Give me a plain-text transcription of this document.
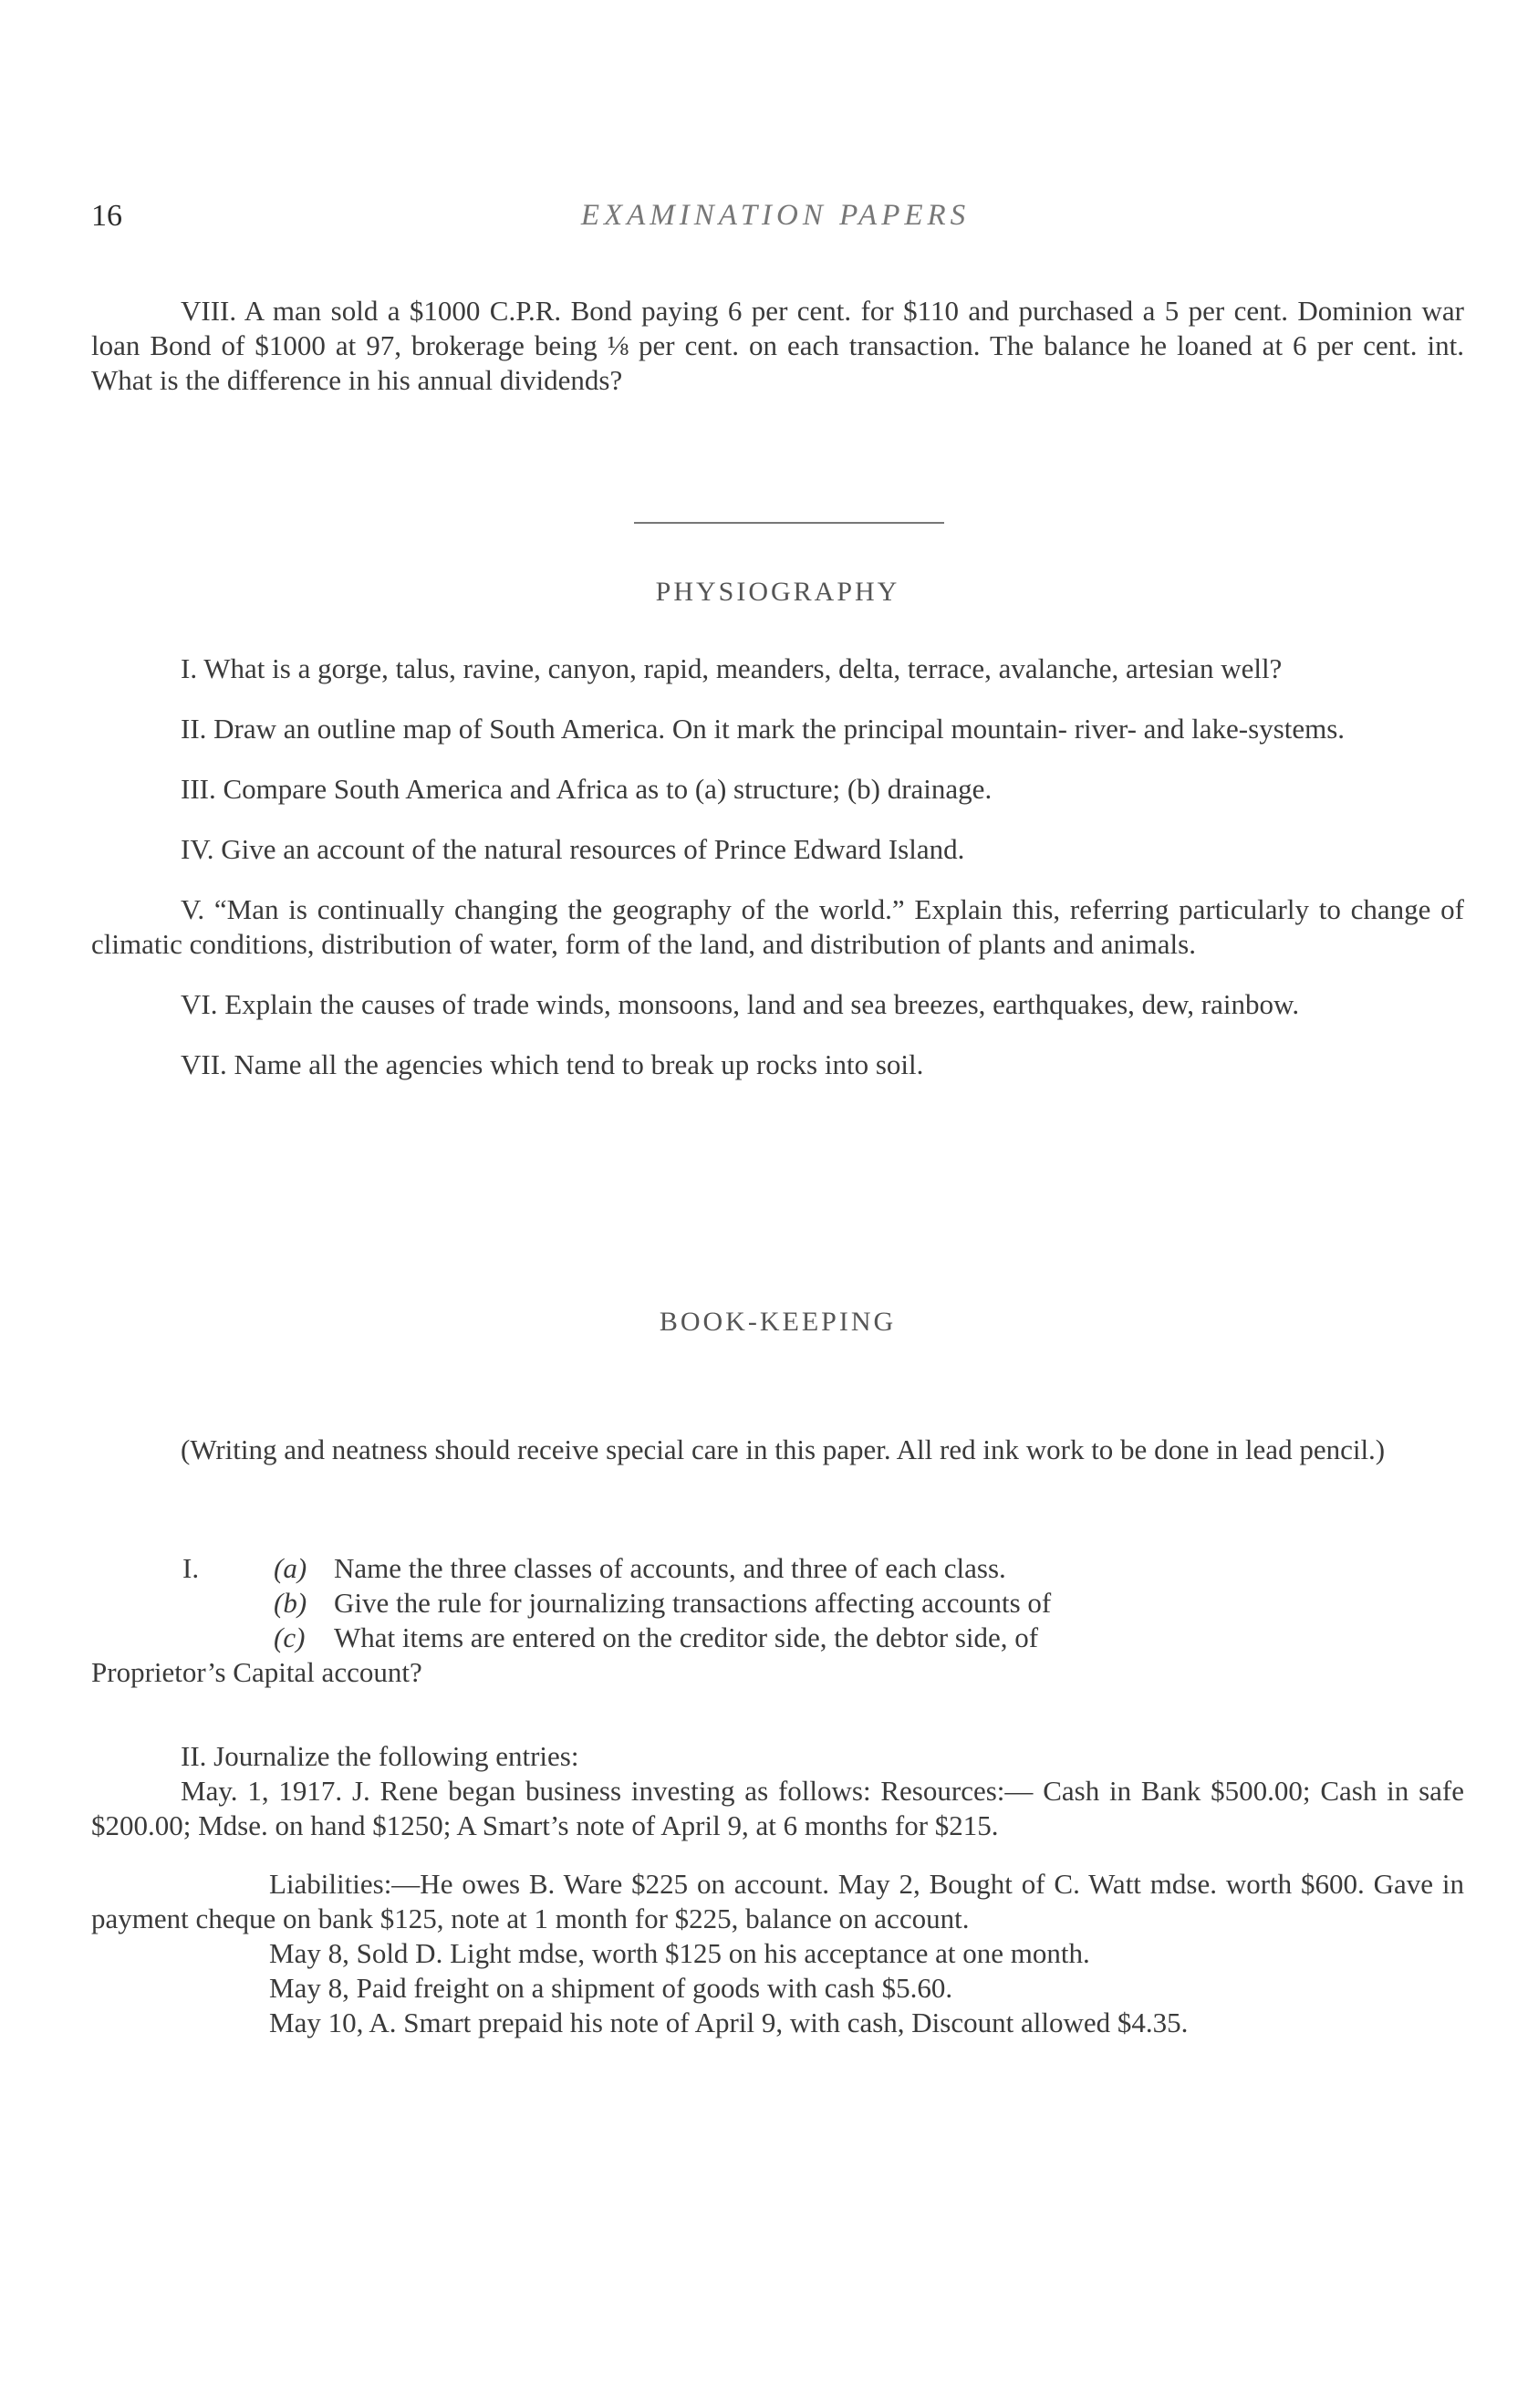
16	EXAMINATION PAPERS

VIII. A man sold a $1000 C.P.R. Bond paying 6 per cent. for $110 and purchased a 5 per cent. Dominion war loan Bond of $1000 at 97, brokerage being ⅛ per cent. on each transaction. The balance he loaned at 6 per cent. int. What is the difference in his annual dividends?

PHYSIOGRAPHY

I. What is a gorge, talus, ravine, canyon, rapid, meanders, delta, terrace, avalanche, artesian well?

II. Draw an outline map of South America. On it mark the principal mountain- river- and lake-systems.

III. Compare South America and Africa as to (a) structure; (b) drainage.

IV. Give an account of the natural resources of Prince Edward Island.

V. “Man is continually changing the geography of the world.” Explain this, referring particularly to change of climatic conditions, distribution of water, form of the land, and distribution of plants and animals.

VI. Explain the causes of trade winds, monsoons, land and sea breezes, earthquakes, dew, rainbow.

VII. Name all the agencies which tend to break up rocks into soil.

BOOK-KEEPING

(Writing and neatness should receive special care in this paper. All red ink work to be done in lead pencil.)

I.	(a) Name the three classes of accounts, and three of each class.

(b) Give the rule for journalizing transactions affecting accounts of

(c) What items are entered on the creditor side, the debtor side, of

Proprietor’s Capital account?

II. Journalize the following entries:

May. 1, 1917. J. Rene began business investing as follows: Resources:— Cash in Bank $500.00; Cash in safe $200.00; Mdse. on hand $1250; A Smart’s note of April 9, at 6 months for $215.

Liabilities:—He owes B. Ware $225 on account. May 2, Bought of C. Watt mdse. worth $600. Gave in payment cheque on bank $125, note at 1 month for $225, balance on account.

May 8, Sold D. Light mdse, worth $125 on his acceptance at one month.

May 8, Paid freight on a shipment of goods with cash $5.60.

May 10, A. Smart prepaid his note of April 9, with cash, Discount allowed $4.35.
